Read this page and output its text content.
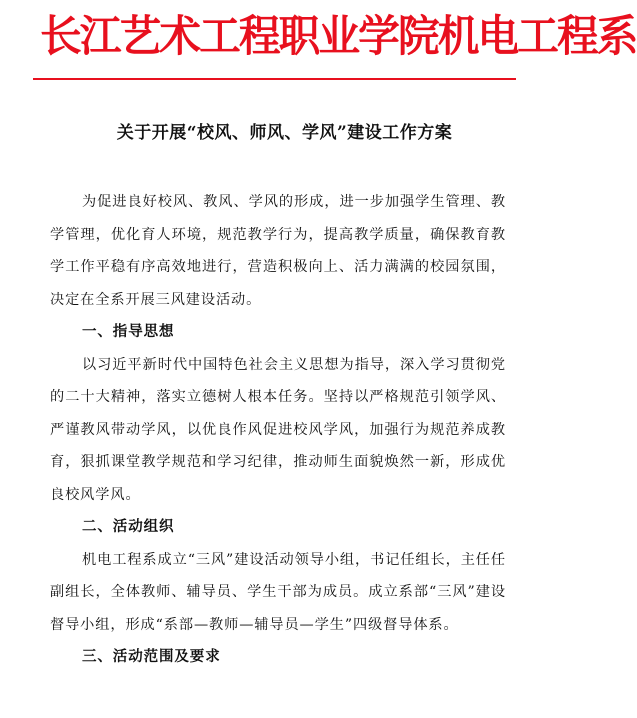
长江艺术工程职业学院机电工程系
关于开展“校风、师风、学风”建设工作方案

为促进良好校风、教风、学风的形成，进一步加强学生管理、教学管理，优化育人环境，规范教学行为，提高教学质量，确保教育教学工作平稳有序高效地进行，营造积极向上、活力满满的校园氛围，决定在全系开展三风建设活动。

一、指导思想

以习近平新时代中国特色社会主义思想为指导，深入学习贯彻党的二十大精神，落实立德树人根本任务。坚持以严格规范引领学风、严谨教风带动学风，以优良作风促进校风学风，加强行为规范养成教育，狠抓课堂教学规范和学习纪律，推动师生面貌焕然一新，形成优良校风学风。

二、活动组织

机电工程系成立“三风”建设活动领导小组，书记任组长，主任任副组长，全体教师、辅导员、学生干部为成员。成立系部“三风”建设督导小组，形成“系部—教师—辅导员—学生”四级督导体系。

三、活动范围及要求
